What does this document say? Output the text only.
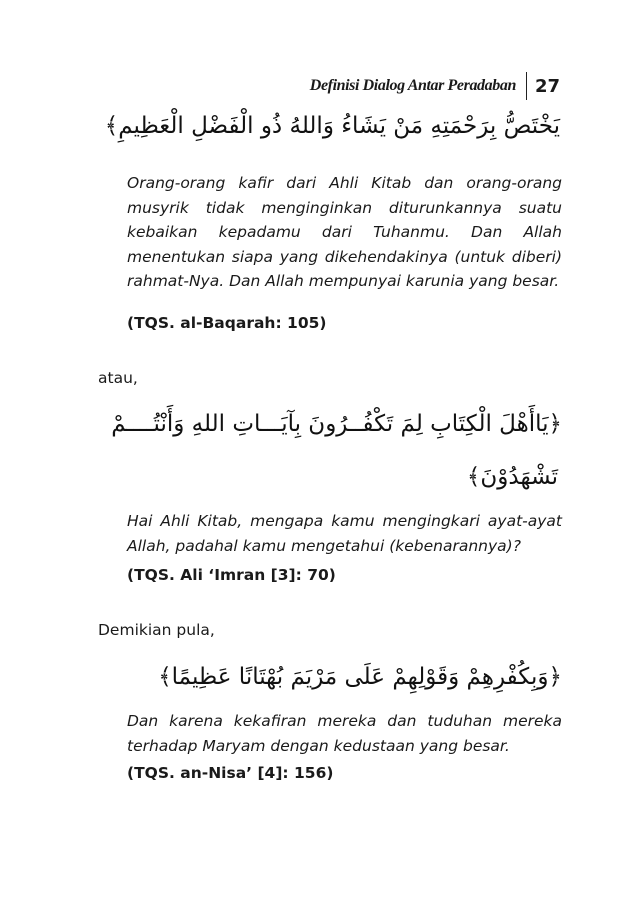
Definisi Dialog Antar Peradaban 27
يَخْتَصُّ بِرَحْمَتِهِ مَنْ يَشَاءُ وَاللهُ ذُو الْفَضْلِ الْعَظِيمِ﴾

Orang-orang kafir dari Ahli Kitab dan orang-orang musyrik tidak menginginkan diturunkannya suatu kebaikan kepadamu dari Tuhanmu. Dan Allah menentukan siapa yang dikehendakinya (untuk diberi) rahmat-Nya. Dan Allah mempunyai karunia yang besar.

(TQS. al-Baqarah: 105)
atau,
﴿يَاأَهْلَ الْكِتَابِ لِمَ تَكْفُــرُونَ بِآيَـــاتِ اللهِ وَأَنْتُــــمْ
تَشْهَدُوْنَ﴾

Hai Ahli Kitab, mengapa kamu mengingkari ayat-ayat Allah, padahal kamu mengetahui (kebenarannya)?

(TQS. Ali ‘Imran [3]: 70)
Demikian pula,
﴿وَبِكُفْرِهِمْ وَقَوْلِهِمْ عَلَى مَرْيَمَ بُهْتَانًا عَظِيمًا﴾

Dan karena kekafiran mereka dan tuduhan mereka terhadap Maryam dengan kedustaan yang besar.

(TQS. an-Nisa’ [4]: 156)
